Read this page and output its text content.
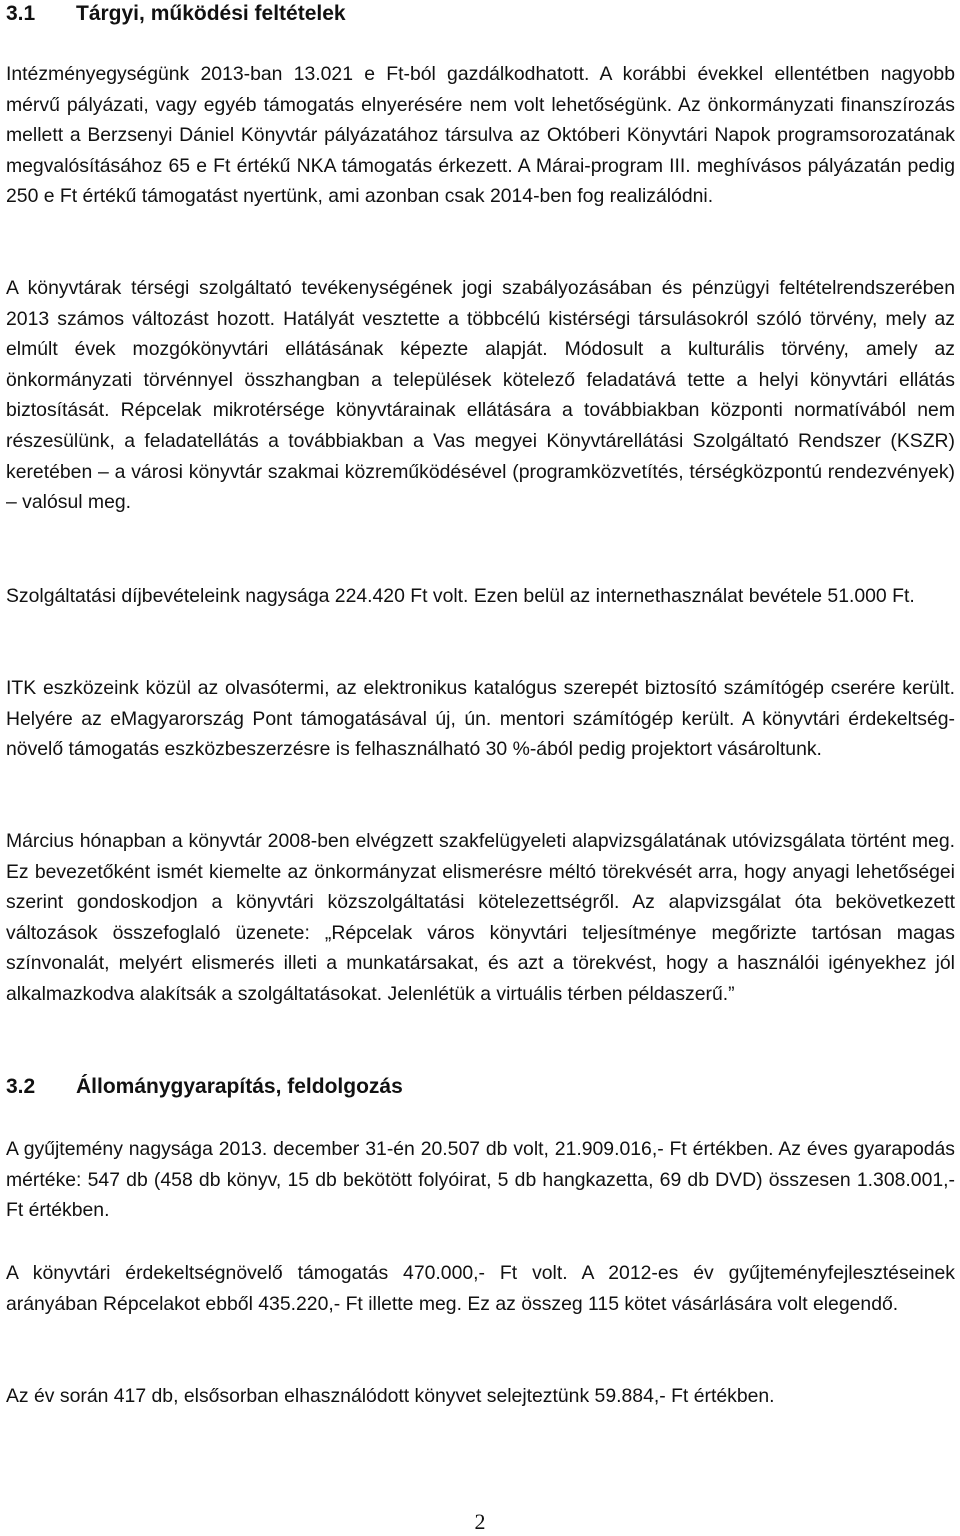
3.1 Tárgyi, működési feltételek

Intézményegységünk 2013-ban 13.021 e Ft-ból gazdálkodhatott. A korábbi évekkel ellentétben nagyobb mérvű pályázati, vagy egyéb támogatás elnyerésére nem volt lehetőségünk. Az önkormányzati finanszírozás mellett a Berzsenyi Dániel Könyvtár pályázatához társulva az Októberi Könyvtári Napok programsorozatának megvalósításához 65 e Ft értékű NKA támogatás érkezett. A Márai-program III. meghívásos pályázatán pedig 250 e Ft értékű támogatást nyertünk, ami azonban csak 2014-ben fog realizálódni.

A könyvtárak térségi szolgáltató tevékenységének jogi szabályozásában és pénzügyi feltételrendszerében 2013 számos változást hozott. Hatályát vesztette a többcélú kistérségi társulásokról szóló törvény, mely az elmúlt évek mozgókönyvtári ellátásának képezte alapját. Módosult a kulturális törvény, amely az önkormányzati törvénnyel összhangban a települések kötelező feladatává tette a helyi könyvtári ellátás biztosítását. Répcelak mikrotérsége könyvtárainak ellátására a továbbiakban központi normatívából nem részesülünk, a feladatellátás a továbbiakban a Vas megyei Könyvtárellátási Szolgáltató Rendszer (KSZR) keretében – a városi könyvtár szakmai közreműködésével (programközvetítés, térségközpontú rendezvények) – valósul meg.

Szolgáltatási díjbevételeink nagysága 224.420 Ft volt. Ezen belül az internethasználat bevétele 51.000 Ft.

ITK eszközeink közül az olvasótermi, az elektronikus katalógus szerepét biztosító számítógép cserére került. Helyére az eMagyarország Pont támogatásával új, ún. mentori számítógép került. A könyvtári érdekeltség-növelő támogatás eszközbeszerzésre is felhasználható 30 %-ából pedig projektort vásároltunk.

Március hónapban a könyvtár 2008-ben elvégzett szakfelügyeleti alapvizsgálatának utóvizsgálata történt meg. Ez bevezetőként ismét kiemelte az önkormányzat elismerésre méltó törekvését arra, hogy anyagi lehetőségei szerint gondoskodjon a könyvtári közszolgáltatási kötelezettségről. Az alapvizsgálat óta bekövetkezett változások összefoglaló üzenete: „Répcelak város könyvtári teljesítménye megőrizte tartósan magas színvonalát, melyért elismerés illeti a munkatársakat, és azt a törekvést, hogy a használói igényekhez jól alkalmazkodva alakítsák a szolgáltatásokat. Jelenlétük a virtuális térben példaszerű.”

3.2 Állománygyarapítás, feldolgozás

A gyűjtemény nagysága 2013. december 31-én 20.507 db volt, 21.909.016,- Ft értékben. Az éves gyarapodás mértéke: 547 db (458 db könyv, 15 db bekötött folyóirat, 5 db hangkazetta, 69 db DVD) összesen 1.308.001,- Ft értékben.

A könyvtári érdekeltségnövelő támogatás 470.000,- Ft volt. A 2012-es év gyűjteményfejlesztéseinek arányában Répcelakot ebből 435.220,- Ft illette meg. Ez az összeg 115 kötet vásárlására volt elegendő.

Az év során 417 db, elsősorban elhasználódott könyvet selejteztünk 59.884,- Ft értékben.

2
